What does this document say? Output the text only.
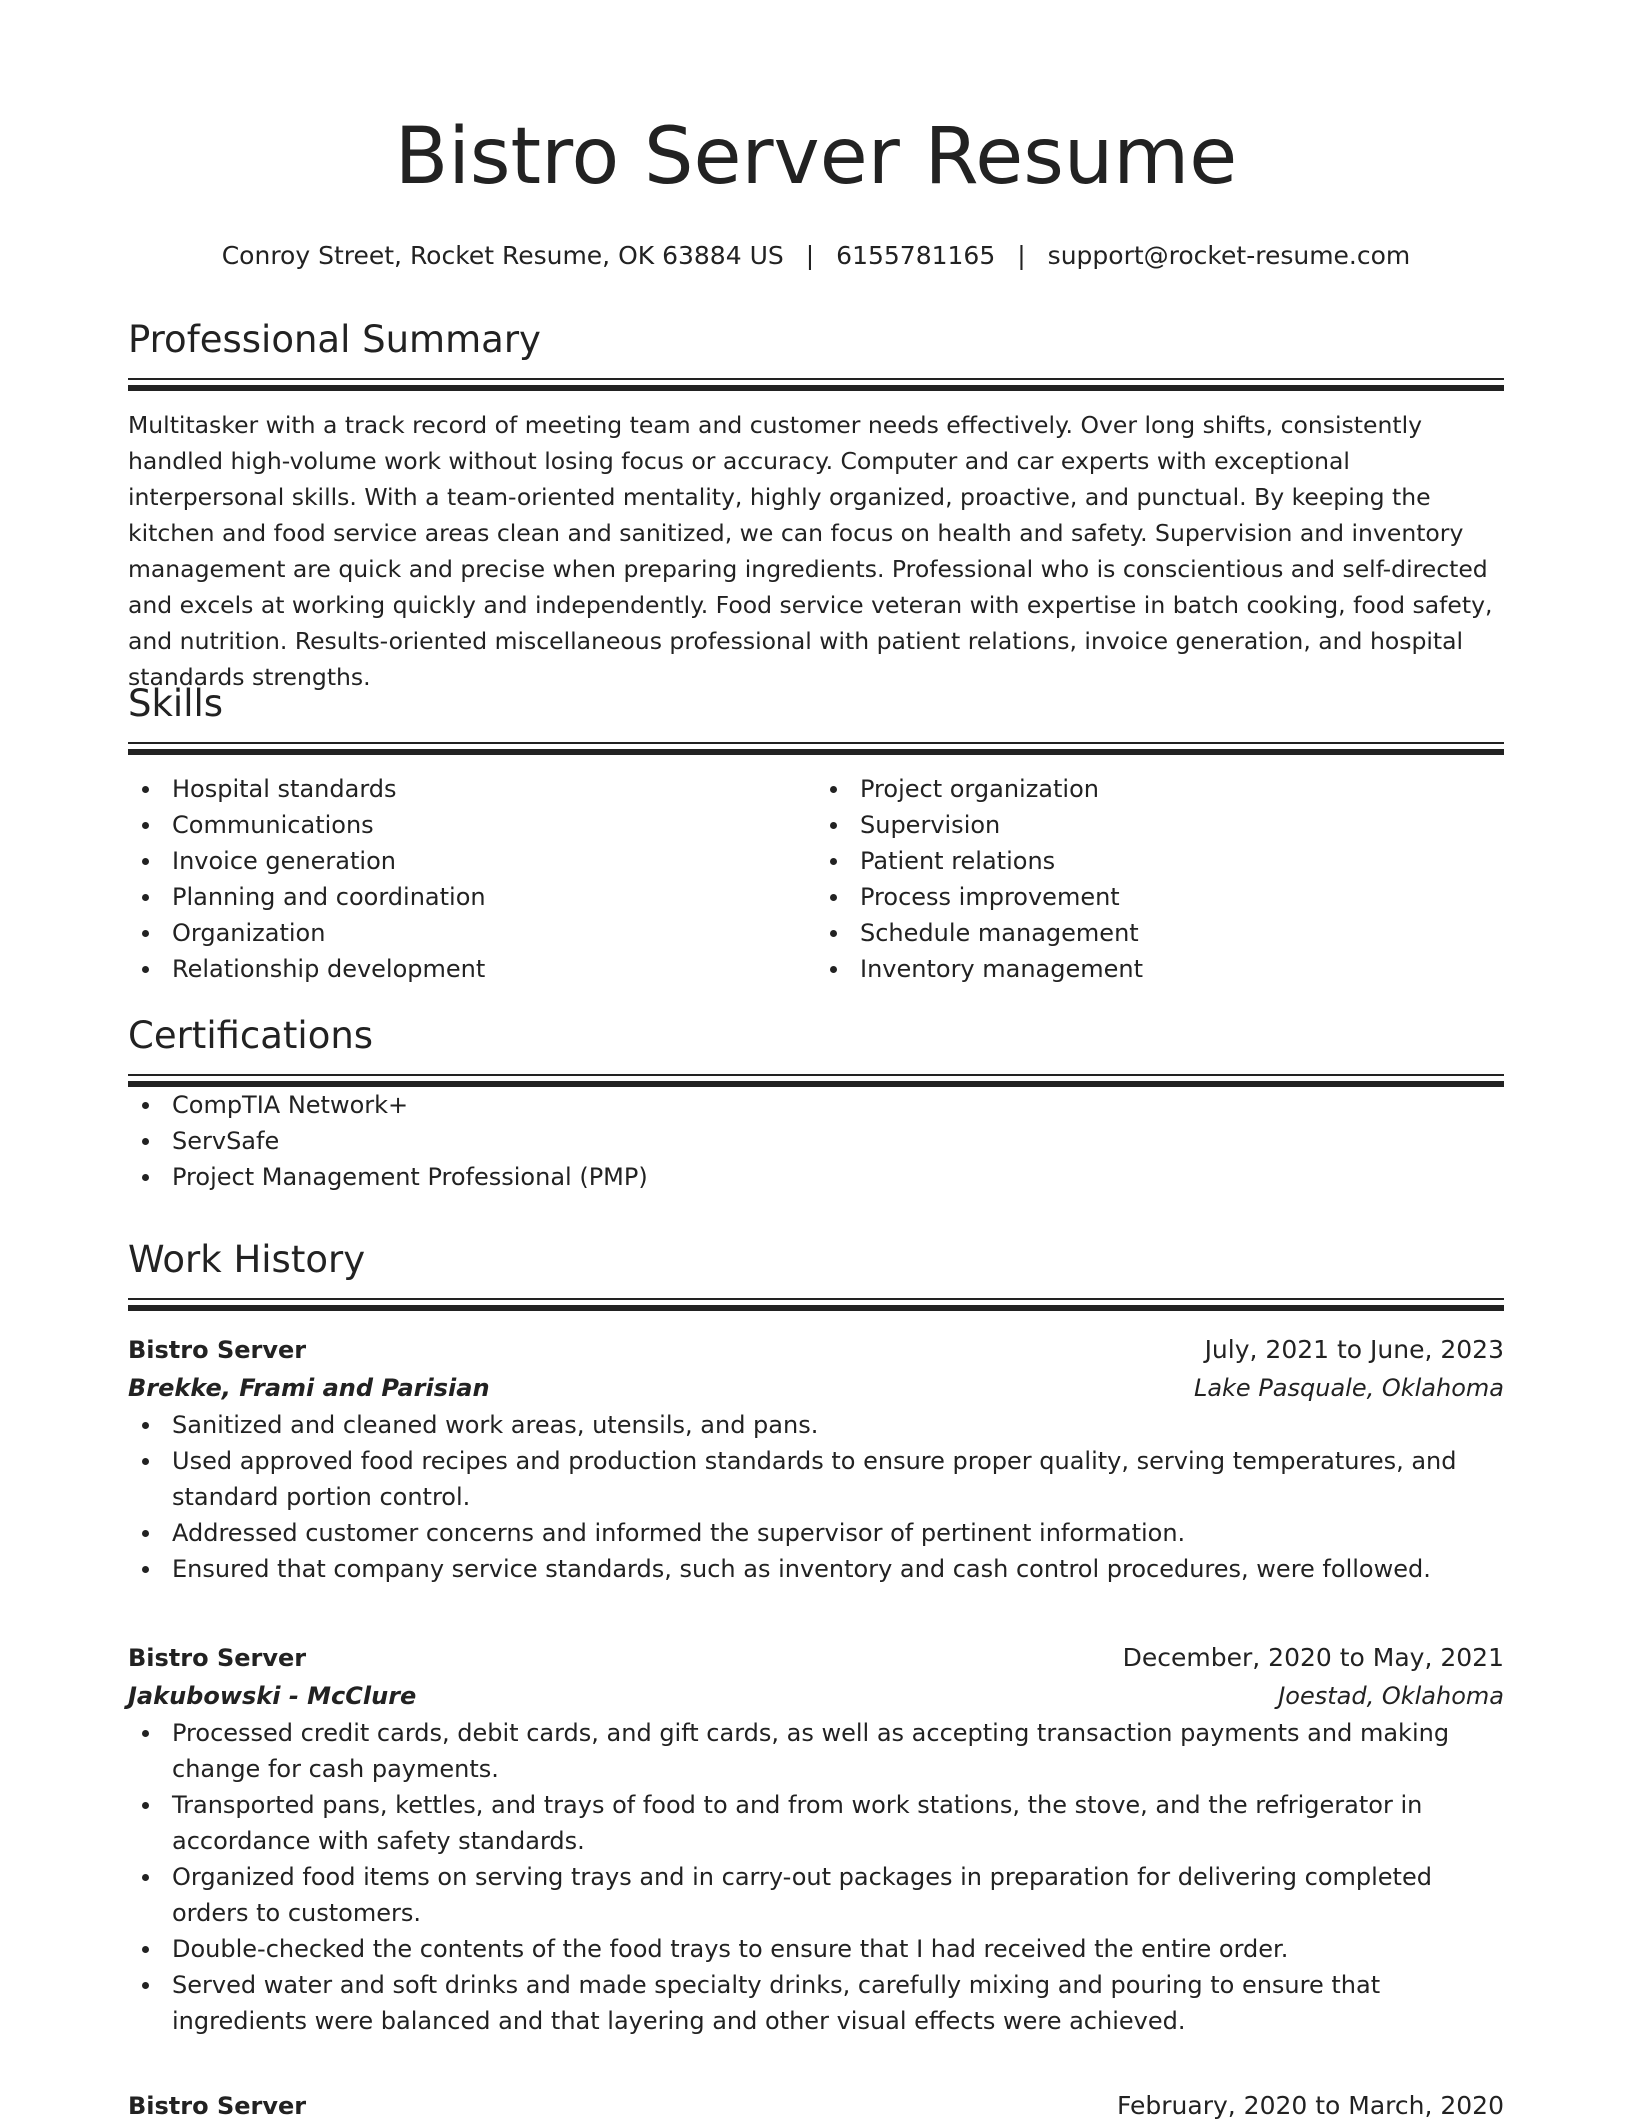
Bistro Server Resume
Conroy Street, Rocket Resume, OK 63884 US | 6155781165 | support@rocket-resume.com
Professional Summary

Multitasker with a track record of meeting team and customer needs effectively. Over long shifts, consistently handled high-volume work without losing focus or accuracy. Computer and car experts with exceptional interpersonal skills. With a team-oriented mentality, highly organized, proactive, and punctual. By keeping the kitchen and food service areas clean and sanitized, we can focus on health and safety. Supervision and inventory management are quick and precise when preparing ingredients. Professional who is conscientious and self-directed and excels at working quickly and independently. Food service veteran with expertise in batch cooking, food safety, and nutrition. Results-oriented miscellaneous professional with patient relations, invoice generation, and hospital standards strengths.

Skills
Hospital standards
Communications
Invoice generation
Planning and coordination
Organization
Relationship development
Project organization
Supervision
Patient relations
Process improvement
Schedule management
Inventory management
Certifications
CompTIA Network+
ServSafe
Project Management Professional (PMP)
Work History
Bistro Server	July, 2021 to June, 2023
Brekke, Frami and Parisian	Lake Pasquale, Oklahoma
Sanitized and cleaned work areas, utensils, and pans.
Used approved food recipes and production standards to ensure proper quality, serving temperatures, and standard portion control.
Addressed customer concerns and informed the supervisor of pertinent information.
Ensured that company service standards, such as inventory and cash control procedures, were followed.
Bistro Server	December, 2020 to May, 2021
Jakubowski - McClure	Joestad, Oklahoma
Processed credit cards, debit cards, and gift cards, as well as accepting transaction payments and making change for cash payments.
Transported pans, kettles, and trays of food to and from work stations, the stove, and the refrigerator in accordance with safety standards.
Organized food items on serving trays and in carry-out packages in preparation for delivering completed orders to customers.
Double-checked the contents of the food trays to ensure that I had received the entire order.
Served water and soft drinks and made specialty drinks, carefully mixing and pouring to ensure that ingredients were balanced and that layering and other visual effects were achieved.
Bistro Server	February, 2020 to March, 2020
